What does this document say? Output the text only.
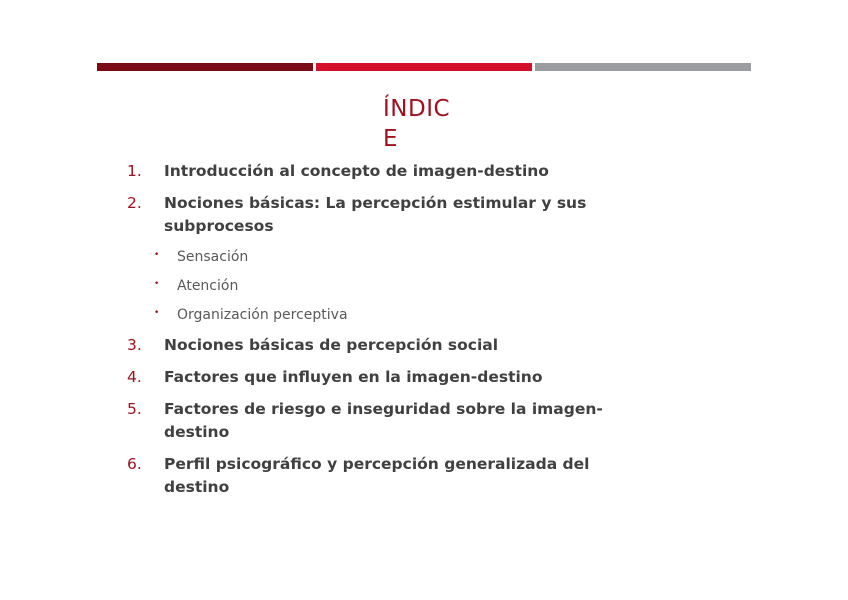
ÍNDICE
1.	Introducción al concepto de imagen-destino
2.	Nociones básicas: La percepción estimular y sus subprocesos
•	Sensación
•	Atención
•	Organización perceptiva
3.	Nociones básicas de percepción social
4.	Factores que influyen en la imagen-destino
5.	Factores de riesgo e inseguridad sobre la imagen-destino
6.	Perfil psicográfico y percepción generalizada del destino
